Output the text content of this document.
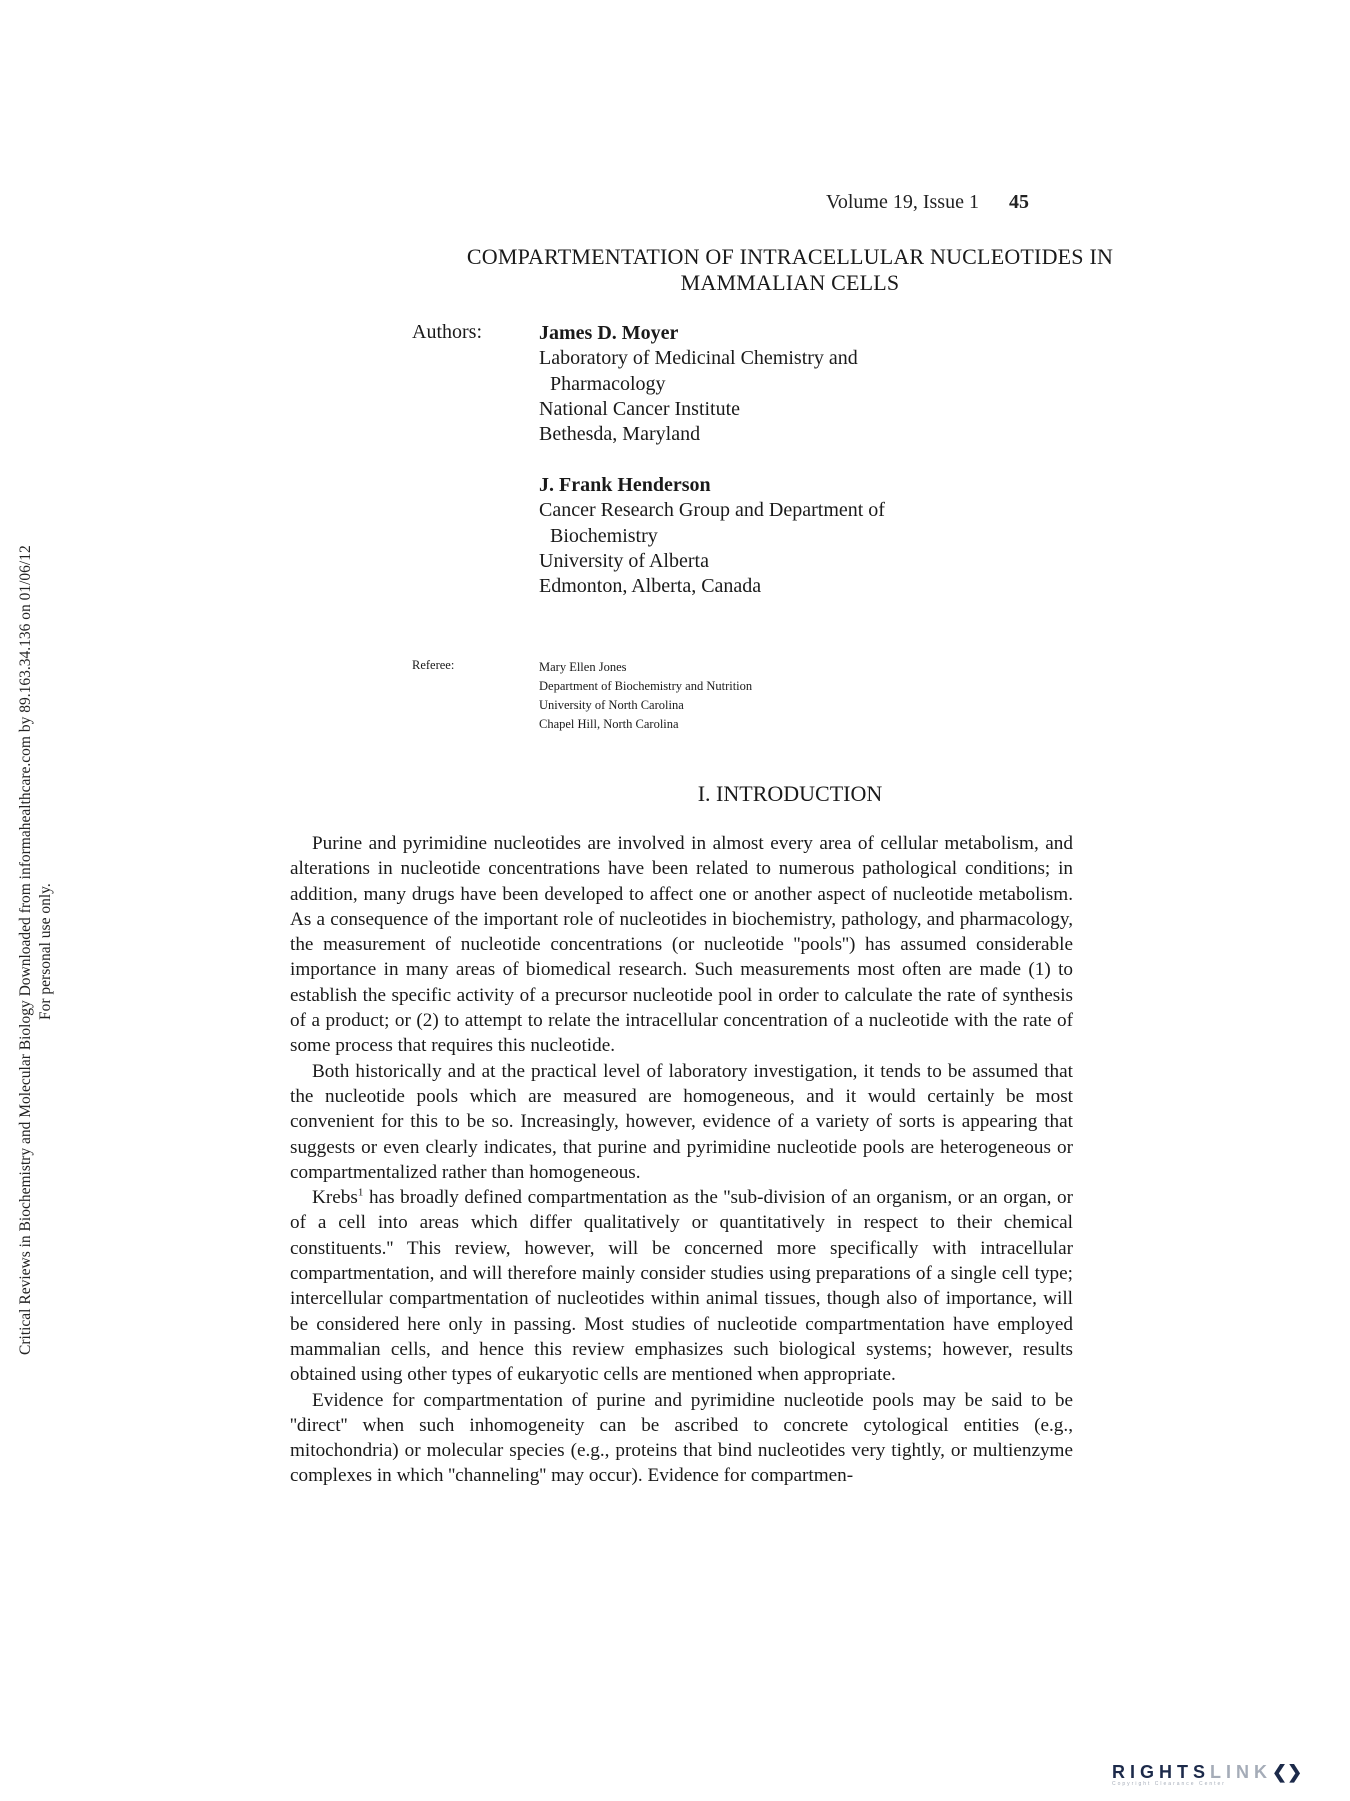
Critical Reviews in Biochemistry and Molecular Biology Downloaded from informahealthcare.com by 89.163.34.136 on 01/06/12 For personal use only.
Volume 19, Issue 1 45
COMPARTMENTATION OF INTRACELLULAR NUCLEOTIDES IN
MAMMALIAN CELLS
Authors:	James D. Moyer
Laboratory of Medicinal Chemistry and
Pharmacology
National Cancer Institute
Bethesda, Maryland
J. Frank Henderson
Cancer Research Group and Department of
Biochemistry
University of Alberta
Edmonton, Alberta, Canada
Referee:	Mary Ellen Jones
Department of Biochemistry and Nutrition
University of North Carolina
Chapel Hill, North Carolina
I. INTRODUCTION

Purine and pyrimidine nucleotides are involved in almost every area of cellular metabolism, and alterations in nucleotide concentrations have been related to numerous pathological conditions; in addition, many drugs have been developed to affect one or another aspect of nucleotide metabolism. As a consequence of the important role of nucleotides in biochemistry, pathology, and pharmacology, the measurement of nucleotide concentrations (or nucleotide ''pools'') has assumed considerable importance in many areas of biomedical research. Such measurements most often are made (1) to establish the specific activity of a precursor nucleotide pool in order to calculate the rate of synthesis of a product; or (2) to attempt to relate the intracellular concentration of a nucleotide with the rate of some process that requires this nucleotide.

Both historically and at the practical level of laboratory investigation, it tends to be assumed that the nucleotide pools which are measured are homogeneous, and it would certainly be most convenient for this to be so. Increasingly, however, evidence of a variety of sorts is appearing that suggests or even clearly indicates, that purine and pyrimidine nucleotide pools are heterogeneous or compartmentalized rather than homogeneous.

Krebs$^1$ has broadly defined compartmentation as the ''sub-division of an organism, or an organ, or of a cell into areas which differ qualitatively or quantitatively in respect to their chemical constituents.'' This review, however, will be concerned more specifically with intracellular compartmentation, and will therefore mainly consider studies using preparations of a single cell type; intercellular compartmentation of nucleotides within animal tissues, though also of importance, will be considered here only in passing. Most studies of nucleotide compartmentation have employed mammalian cells, and hence this review emphasizes such biological systems; however, results obtained using other types of eukaryotic cells are mentioned when appropriate.

Evidence for compartmentation of purine and pyrimidine nucleotide pools may be said to be ''direct'' when such inhomogeneity can be ascribed to concrete cytological entities (e.g., mitochondria) or molecular species (e.g., proteins that bind nucleotides very tightly, or multienzyme complexes in which ''channeling'' may occur). Evidence for compartmen-

RIGHTSLINK❮❯
Copyright Clearance Center
